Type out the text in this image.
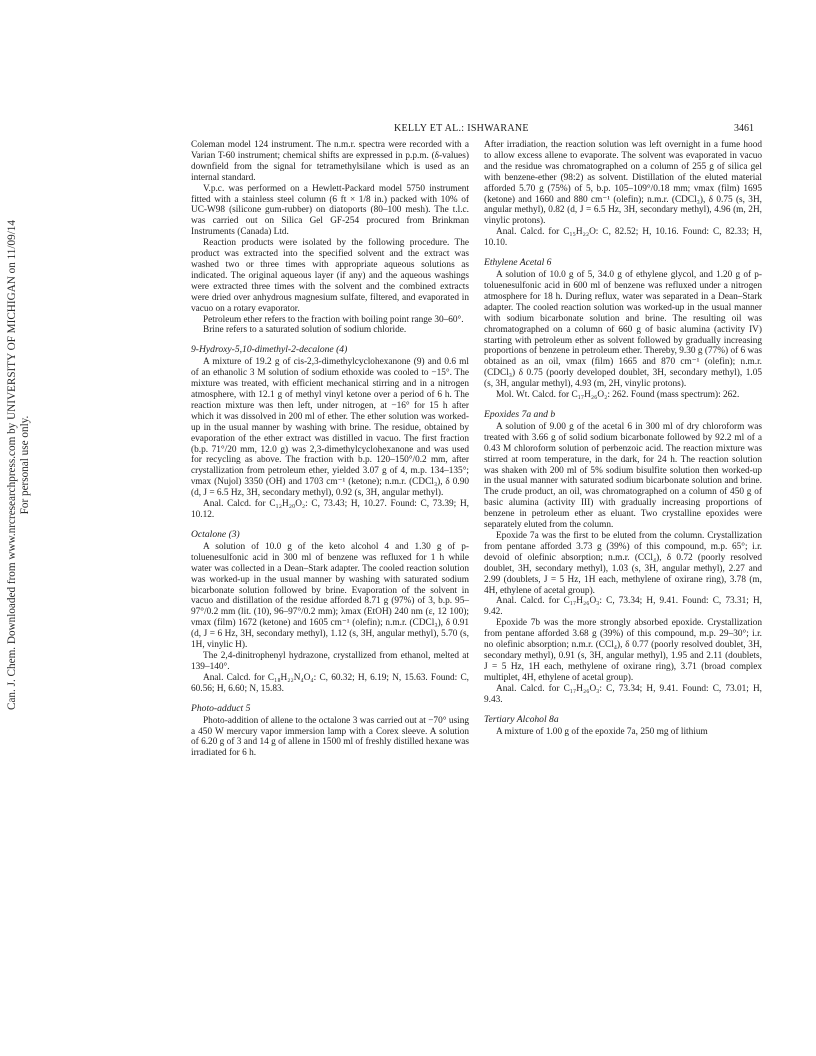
Can. J. Chem. Downloaded from www.nrcresearchpress.com by UNIVERSITY OF MICHIGAN on 11/09/14 For personal use only.
KELLY ET AL.: ISHWARANE	3461

Coleman model 124 instrument. The n.m.r. spectra were recorded with a Varian T-60 instrument; chemical shifts are expressed in p.p.m. (δ-values) downfield from the signal for tetramethylsilane which is used as an internal standard.

V.p.c. was performed on a Hewlett-Packard model 5750 instrument fitted with a stainless steel column (6 ft × 1/8 in.) packed with 10% of UC-W98 (silicone gum-rubber) on diatoports (80–100 mesh). The t.l.c. was carried out on Silica Gel GF-254 procured from Brinkman Instruments (Canada) Ltd.

Reaction products were isolated by the following procedure. The product was extracted into the specified solvent and the extract was washed two or three times with appropriate aqueous solutions as indicated. The original aqueous layer (if any) and the aqueous washings were extracted three times with the solvent and the combined extracts were dried over anhydrous magnesium sulfate, filtered, and evaporated in vacuo on a rotary evaporator.

Petroleum ether refers to the fraction with boiling point range 30–60°.

Brine refers to a saturated solution of sodium chloride.

9-Hydroxy-5,10-dimethyl-2-decalone (4)

A mixture of 19.2 g of cis-2,3-dimethylcyclohexanone (9) and 0.6 ml of an ethanolic 3 M solution of sodium ethoxide was cooled to −15°. The mixture was treated, with efficient mechanical stirring and in a nitrogen atmosphere, with 12.1 g of methyl vinyl ketone over a period of 6 h. The reaction mixture was then left, under nitrogen, at −16° for 15 h after which it was dissolved in 200 ml of ether. The ether solution was worked-up in the usual manner by washing with brine. The residue, obtained by evaporation of the ether extract was distilled in vacuo. The first fraction (b.p. 71°/20 mm, 12.0 g) was 2,3-dimethylcyclohexanone and was used for recycling as above. The fraction with b.p. 120–150°/0.2 mm, after crystallization from petroleum ether, yielded 3.07 g of 4, m.p. 134–135°; νmax (Nujol) 3350 (OH) and 1703 cm⁻¹ (ketone); n.m.r. (CDCl₃), δ 0.90 (d, J = 6.5 Hz, 3H, secondary methyl), 0.92 (s, 3H, angular methyl).

Anal. Calcd. for C₁₂H₂₀O₂: C, 73.43; H, 10.27. Found: C, 73.39; H, 10.12.

Octalone (3)

A solution of 10.0 g of the keto alcohol 4 and 1.30 g of p-toluenesulfonic acid in 300 ml of benzene was refluxed for 1 h while water was collected in a Dean–Stark adapter. The cooled reaction solution was worked-up in the usual manner by washing with saturated sodium bicarbonate solution followed by brine. Evaporation of the solvent in vacuo and distillation of the residue afforded 8.71 g (97%) of 3, b.p. 95–97°/0.2 mm (lit. (10), 96–97°/0.2 mm); λmax (EtOH) 240 nm (ε, 12 100); νmax (film) 1672 (ketone) and 1605 cm⁻¹ (olefin); n.m.r. (CDCl₃), δ 0.91 (d, J = 6 Hz, 3H, secondary methyl), 1.12 (s, 3H, angular methyl), 5.70 (s, 1H, vinylic H).

The 2,4-dinitrophenyl hydrazone, crystallized from ethanol, melted at 139–140°.

Anal. Calcd. for C₁₈H₂₂N₄O₄: C, 60.32; H, 6.19; N, 15.63. Found: C, 60.56; H, 6.60; N, 15.83.

Photo-adduct 5

Photo-addition of allene to the octalone 3 was carried out at −70° using a 450 W mercury vapor immersion lamp with a Corex sleeve. A solution of 6.20 g of 3 and 14 g of allene in 1500 ml of freshly distilled hexane was irradiated for 6 h.

After irradiation, the reaction solution was left overnight in a fume hood to allow excess allene to evaporate. The solvent was evaporated in vacuo and the residue was chromatographed on a column of 255 g of silica gel with benzene-ether (98:2) as solvent. Distillation of the eluted material afforded 5.70 g (75%) of 5, b.p. 105–109°/0.18 mm; νmax (film) 1695 (ketone) and 1660 and 880 cm⁻¹ (olefin); n.m.r. (CDCl₃), δ 0.75 (s, 3H, angular methyl), 0.82 (d, J = 6.5 Hz, 3H, secondary methyl), 4.96 (m, 2H, vinylic protons).

Anal. Calcd. for C₁₅H₂₂O: C, 82.52; H, 10.16. Found: C, 82.33; H, 10.10.

Ethylene Acetal 6

A solution of 10.0 g of 5, 34.0 g of ethylene glycol, and 1.20 g of p-toluenesulfonic acid in 600 ml of benzene was refluxed under a nitrogen atmosphere for 18 h. During reflux, water was separated in a Dean–Stark adapter. The cooled reaction solution was worked-up in the usual manner with sodium bicarbonate solution and brine. The resulting oil was chromatographed on a column of 660 g of basic alumina (activity IV) starting with petroleum ether as solvent followed by gradually increasing proportions of benzene in petroleum ether. Thereby, 9.30 g (77%) of 6 was obtained as an oil, νmax (film) 1665 and 870 cm⁻¹ (olefin); n.m.r. (CDCl₃) δ 0.75 (poorly developed doublet, 3H, secondary methyl), 1.05 (s, 3H, angular methyl), 4.93 (m, 2H, vinylic protons).

Mol. Wt. Calcd. for C₁₇H₂₆O₂: 262. Found (mass spectrum): 262.

Epoxides 7a and b

A solution of 9.00 g of the acetal 6 in 300 ml of dry chloroform was treated with 3.66 g of solid sodium bicarbonate followed by 92.2 ml of a 0.43 M chloroform solution of perbenzoic acid. The reaction mixture was stirred at room temperature, in the dark, for 24 h. The reaction solution was shaken with 200 ml of 5% sodium bisulfite solution then worked-up in the usual manner with saturated sodium bicarbonate solution and brine. The crude product, an oil, was chromatographed on a column of 450 g of basic alumina (activity III) with gradually increasing proportions of benzene in petroleum ether as eluant. Two crystalline epoxides were separately eluted from the column.

Epoxide 7a was the first to be eluted from the column. Crystallization from pentane afforded 3.73 g (39%) of this compound, m.p. 65°; i.r. devoid of olefinic absorption; n.m.r. (CCl₄), δ 0.72 (poorly resolved doublet, 3H, secondary methyl), 1.03 (s, 3H, angular methyl), 2.27 and 2.99 (doublets, J = 5 Hz, 1H each, methylene of oxirane ring), 3.78 (m, 4H, ethylene of acetal group).

Anal. Calcd. for C₁₇H₂₆O₃: C, 73.34; H, 9.41. Found: C, 73.31; H, 9.42.

Epoxide 7b was the more strongly absorbed epoxide. Crystallization from pentane afforded 3.68 g (39%) of this compound, m.p. 29–30°; i.r. no olefinic absorption; n.m.r. (CCl₄), δ 0.77 (poorly resolved doublet, 3H, secondary methyl), 0.91 (s, 3H, angular methyl), 1.95 and 2.11 (doublets, J = 5 Hz, 1H each, methylene of oxirane ring), 3.71 (broad complex multiplet, 4H, ethylene of acetal group).

Anal. Calcd. for C₁₇H₂₆O₃: C, 73.34; H, 9.41. Found: C, 73.01; H, 9.43.

Tertiary Alcohol 8a

A mixture of 1.00 g of the epoxide 7a, 250 mg of lithium
